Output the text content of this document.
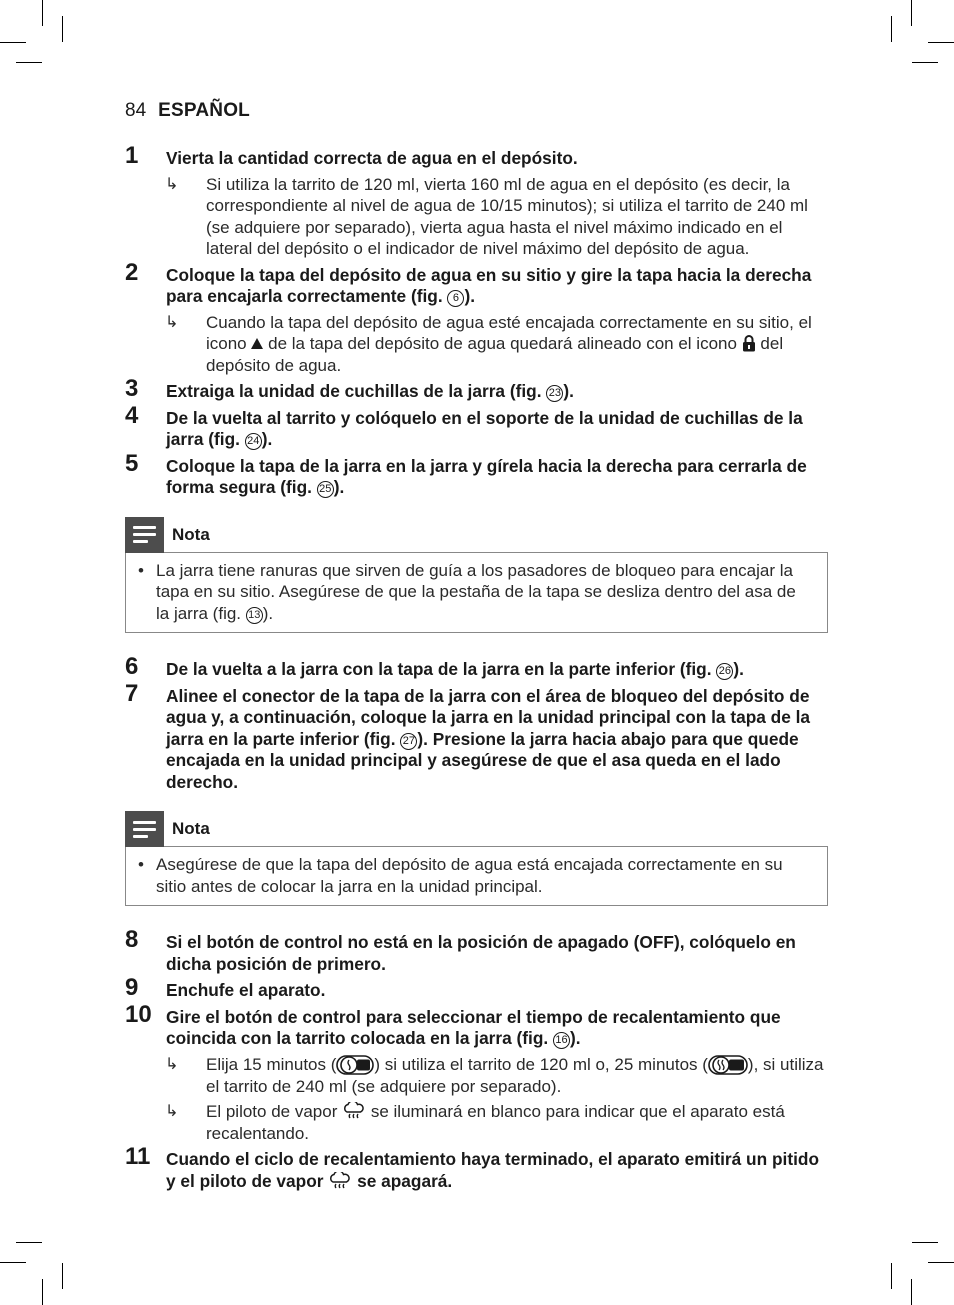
84 ESPAÑOL
1 Vierta la cantidad correcta de agua en el depósito.
↳ Si utiliza la tarrito de 120 ml, vierta 160 ml de agua en el depósito (es decir, la correspondiente al nivel de agua de 10/15 minutos); si utiliza el tarrito de 240 ml (se adquiere por separado), vierta agua hasta el nivel máximo indicado en el lateral del depósito o el indicador de nivel máximo del depósito de agua.
2 Coloque la tapa del depósito de agua en su sitio y gire la tapa hacia la derecha para encajarla correctamente (fig. 6 ).
↳ Cuando la tapa del depósito de agua esté encajada correctamente en su sitio, el icono de la tapa del depósito de agua quedará alineado con el icono del depósito de agua.
3 Extraiga la unidad de cuchillas de la jarra (fig. 23 ).
4 De la vuelta al tarrito y colóquelo en el soporte de la unidad de cuchillas de la jarra (fig. 24 ).
5 Coloque la tapa de la jarra en la jarra y gírela hacia la derecha para cerrarla de forma segura (fig. 25 ).
Nota
• La jarra tiene ranuras que sirven de guía a los pasadores de bloqueo para encajar la tapa en su sitio. Asegúrese de que la pestaña de la tapa se desliza dentro del asa de la jarra (fig. 13 ).
6 De la vuelta a la jarra con la tapa de la jarra en la parte inferior (fig. 26 ).
7 Alinee el conector de la tapa de la jarra con el área de bloqueo del depósito de agua y, a continuación, coloque la jarra en la unidad principal con la tapa de la jarra en la parte inferior (fig. 27 ). Presione la jarra hacia abajo para que quede encajada en la unidad principal y asegúrese de que el asa queda en el lado derecho.
Nota
• Asegúrese de que la tapa del depósito de agua está encajada correctamente en su sitio antes de colocar la jarra en la unidad principal.
8 Si el botón de control no está en la posición de apagado (OFF), colóquelo en dicha posición de primero.
9 Enchufe el aparato.
10 Gire el botón de control para seleccionar el tiempo de recalentamiento que coincida con la tarrito colocada en la jarra (fig. 16 ).
↳ Elija 15 minutos ( ) si utiliza el tarrito de 120 ml o, 25 minutos ( ), si utiliza el tarrito de 240 ml (se adquiere por separado).
↳ El piloto de vapor se iluminará en blanco para indicar que el aparato está recalentando.
11 Cuando el ciclo de recalentamiento haya terminado, el aparato emitirá un pitido y el piloto de vapor se apagará.
